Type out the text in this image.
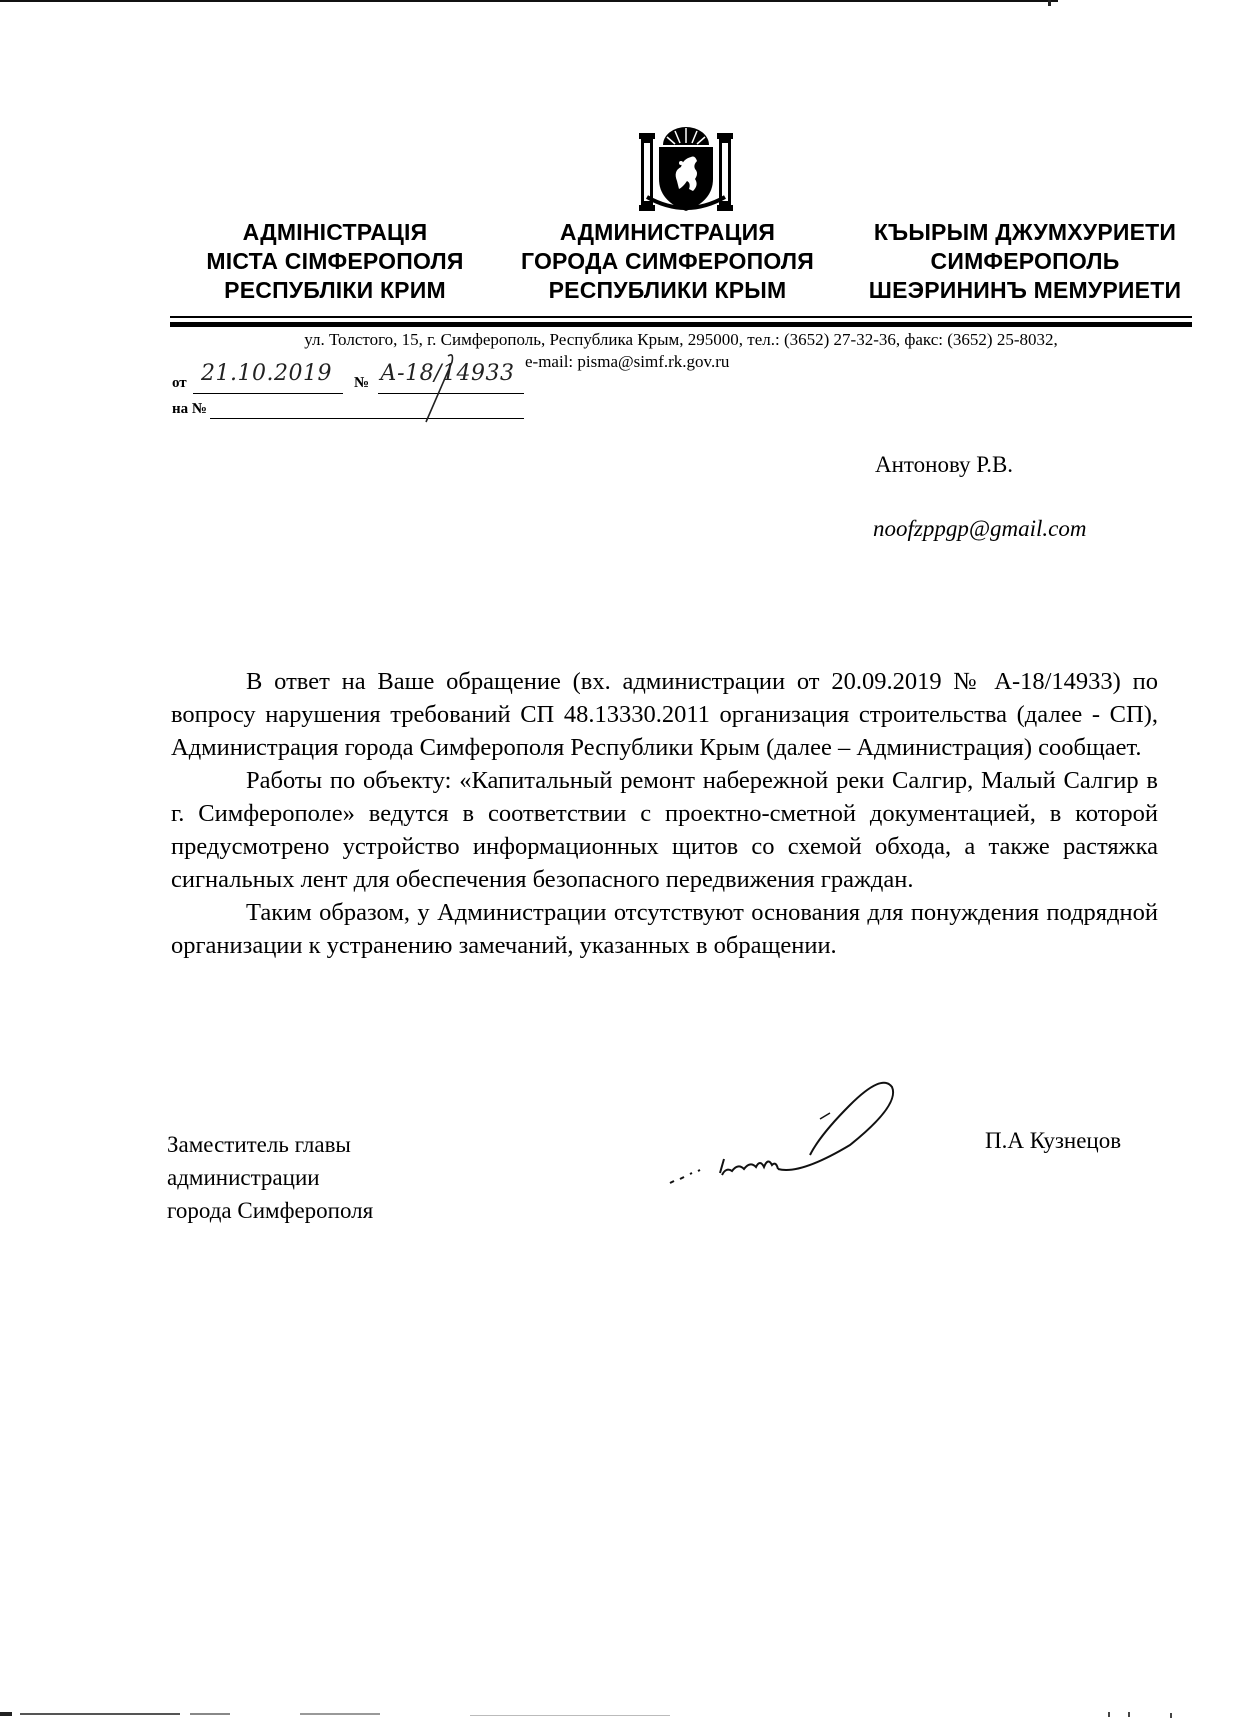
АДМІНІСТРАЦІЯ
МІСТА СІМФЕРОПОЛЯ
РЕСПУБЛІКИ КРИМ
АДМИНИСТРАЦИЯ
ГОРОДА СИМФЕРОПОЛЯ
РЕСПУБЛИКИ КРЫМ
КЪЫРЫМ ДЖУМХУРИЕТИ
СИМФЕРОПОЛЬ
ШЕЭРИНИНЪ МЕМУРИЕТИ
ул. Толстого, 15, г. Симферополь, Республика Крым, 295000, тел.: (3652) 27-32-36, факс: (3652) 25-8032,
e-mail: pisma@simf.rk.gov.ru
от 21.10.2019 № А-18/14933
на №
Антонову Р.В.
noofzppgp@gmail.com

В ответ на Ваше обращение (вх. администрации от 20.09.2019 № А-18/14933) по вопросу нарушения требований СП 48.13330.2011 организация строительства (далее - СП), Администрация города Симферополя Республики Крым (далее – Администрация) сообщает.

Работы по объекту: «Капитальный ремонт набережной реки Салгир, Малый Салгир в г. Симферополе» ведутся в соответствии с проектно-сметной документацией, в которой предусмотрено устройство информационных щитов со схемой обхода, а также растяжка сигнальных лент для обеспечения безопасного передвижения граждан.

Таким образом, у Администрации отсутствуют основания для понуждения подрядной организации к устранению замечаний, указанных в обращении.

Заместитель главы
администрации
города Симферополя
П.А Кузнецов
